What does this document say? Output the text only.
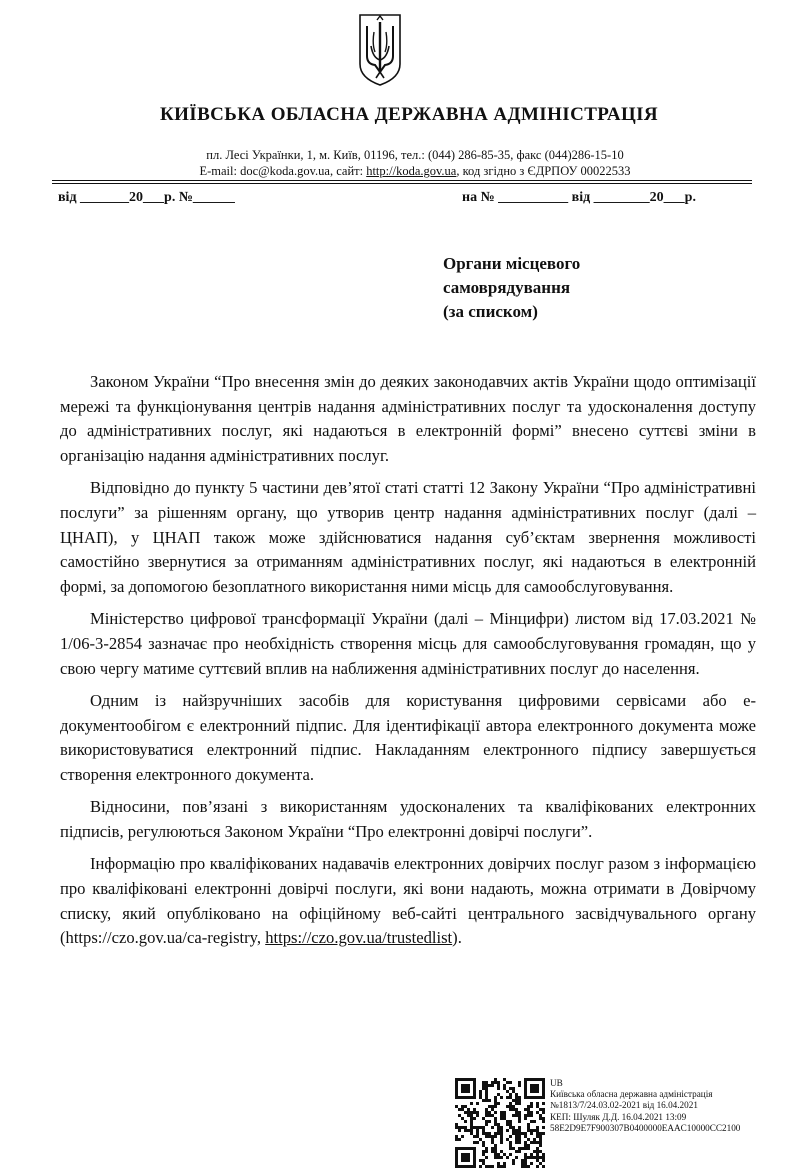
КИЇВСЬКА ОБЛАСНА ДЕРЖАВНА АДМІНІСТРАЦІЯ
пл. Лесі Українки, 1, м. Київ, 01196, тел.: (044) 286-85-35, факс (044)286-15-10
E-mail: doc@koda.gov.ua, сайт: http://koda.gov.ua, код згідно з ЄДРПОУ 00022533
від _______20___р. №______	на № __________ від ________20___р.
Органи місцевого
самоврядування
(за списком)

Законом України “Про внесення змін до деяких законодавчих актів України щодо оптимізації мережі та функціонування центрів надання адміністративних послуг та удосконалення доступу до адміністративних послуг, які надаються в електронній формі” внесено суттєві зміни в організацію надання адміністративних послуг.

Відповідно до пункту 5 частини дев’ятої статі статті 12 Закону України “Про адміністративні послуги” за рішенням органу, що утворив центр надання адміністративних послуг (далі – ЦНАП), у ЦНАП також може здійснюватися надання суб’єктам звернення можливості самостійно звернутися за отриманням адміністративних послуг, які надаються в електронній формі, за допомогою безоплатного використання ними місць для самообслуговування.

Міністерство цифрової трансформації України (далі – Мінцифри) листом від 17.03.2021 № 1/06-3-2854 зазначає про необхідність створення місць для самообслуговування громадян, що у свою чергу матиме суттєвий вплив на наближення адміністративних послуг до населення.

Одним із найзручніших засобів для користування цифровими сервісами або е-документообігом є електронний підпис. Для ідентифікації автора електронного документа може використовуватися електронний підпис. Накладанням електронного підпису завершується створення електронного документа.

Відносини, пов’язані з використанням удосконалених та кваліфікованих електронних підписів, регулюються Законом України “Про електронні довірчі послуги”.

Інформацію про кваліфікованих надавачів електронних довірчих послуг разом з інформацією про кваліфіковані електронні довірчі послуги, які вони надають, можна отримати в Довірчому списку, який опубліковано на офіційному веб-сайті центрального засвідчувального органу (https://czo.gov.ua/ca-registry, https://czo.gov.ua/trustedlist).

UB
Київська обласна державна адміністрація
№1813/7/24.03.02-2021 від 16.04.2021
КЕП: Шуляк Д.Д. 16.04.2021 13:09
58E2D9E7F900307B0400000EAAC10000CC2100
